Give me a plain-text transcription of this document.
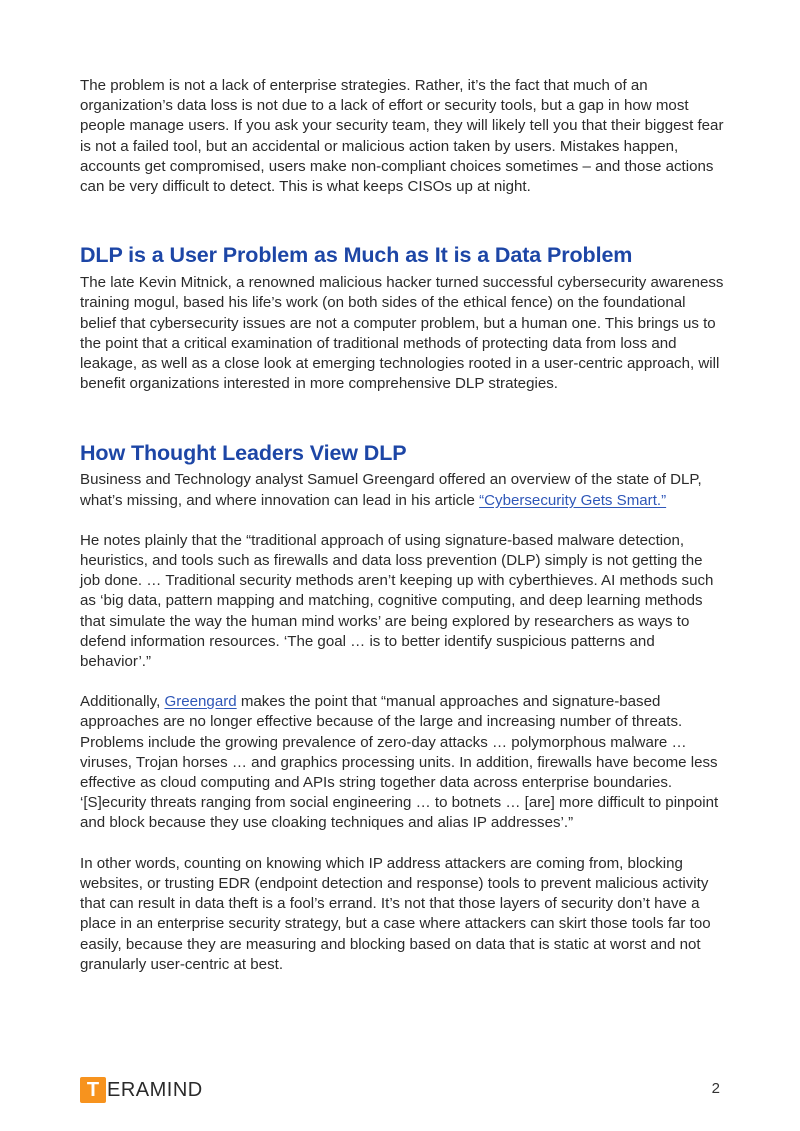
The problem is not a lack of enterprise strategies. Rather, it’s the fact that much of an organization’s data loss is not due to a lack of effort or security tools, but a gap in how most people manage users. If you ask your security team, they will likely tell you that their biggest fear is not a failed tool, but an accidental or malicious action taken by users. Mistakes happen, accounts get compromised, users make non-compliant choices sometimes – and those actions can be very difficult to detect. This is what keeps CISOs up at night.

DLP is a User Problem as Much as It is a Data Problem

The late Kevin Mitnick, a renowned malicious hacker turned successful cybersecurity awareness training mogul, based his life’s work (on both sides of the ethical fence) on the foundational belief that cybersecurity issues are not a computer problem, but a human one. This brings us to the point that a critical examination of traditional methods of protecting data from loss and leakage, as well as a close look at emerging technologies rooted in a user-centric approach, will benefit organizations interested in more comprehensive DLP strategies.

How Thought Leaders View DLP

Business and Technology analyst Samuel Greengard offered an overview of the state of DLP, what’s missing, and where innovation can lead in his article “Cybersecurity Gets Smart.”

He notes plainly that the “traditional approach of using signature-based malware detection, heuristics, and tools such as firewalls and data loss prevention (DLP) simply is not getting the job done. … Traditional security methods aren’t keeping up with cyberthieves. AI methods such as ‘big data, pattern mapping and matching, cognitive computing, and deep learning methods that simulate the way the human mind works’ are being explored by researchers as ways to defend information resources. ‘The goal … is to better identify suspicious patterns and behavior’.”

Additionally, Greengard makes the point that “manual approaches and signature-based approaches are no longer effective because of the large and increasing number of threats. Problems include the growing prevalence of zero-day attacks … polymorphous malware … viruses, Trojan horses … and graphics processing units. In addition, firewalls have become less effective as cloud computing and APIs string together data across enterprise boundaries. ‘[S]ecurity threats ranging from social engineering … to botnets … [are] more difficult to pinpoint and block because they use cloaking techniques and alias IP addresses’.”

In other words, counting on knowing which IP address attackers are coming from, blocking websites, or trusting EDR (endpoint detection and response) tools to prevent malicious activity that can result in data theft is a fool’s errand. It’s not that those layers of security don’t have a place in an enterprise security strategy, but a case where attackers can skirt those tools far too easily, because they are measuring and blocking based on data that is static at worst and not granularly user-centric at best.

T ERAMIND	2
